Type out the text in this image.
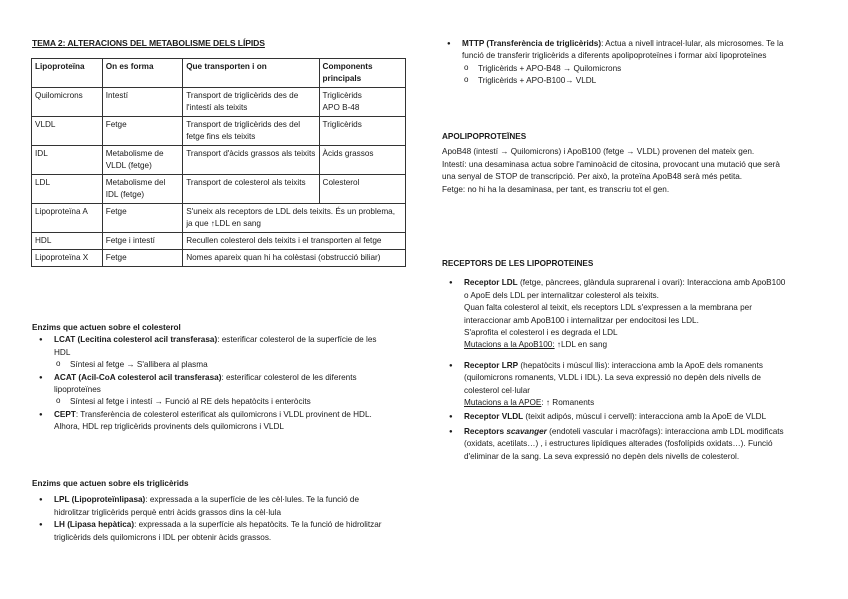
TEMA 2: ALTERACIONS DEL METABOLISME DELS LÍPIDS
Lipoproteïna	On es forma	Que transporten i on	Components principals
Quilomicrons	Intestí	Transport de triglicèrids des de l'intestí als teixits	Triglicèrids
APO B-48
VLDL	Fetge	Transport de triglicèrids des del fetge fins els teixits	Triglicèrids
IDL	Metabolisme de VLDL (fetge)	Transport d'àcids grassos als teixits	Àcids grassos
LDL	Metabolisme del IDL (fetge)	Transport de colesterol als teixits	Colesterol
Lipoproteïna A	Fetge	S'uneix als receptors de LDL dels teixits. És un problema, ja que ↑LDL en sang	
HDL	Fetge i intestí	Recullen colesterol dels teixits i el transporten al fetge	
Lipoproteïna X	Fetge	Nomes apareix quan hi ha colèstasi (obstrucció biliar)	
Enzims que actuen sobre el colesterol
● LCAT (Lecitina colesterol acil transferasa): esterificar colesterol de la superfície de les HDL
o Síntesi al fetge → S'allibera al plasma
● ACAT (Acil-CoA colesterol acil transferasa): esterificar colesterol de les diferents lipoproteïnes
o Síntesi al fetge i intestí → Funció al RE dels hepatòcits i enteròcits
● CEPT: Transferència de colesterol esterificat als quilomicrons i VLDL provinent de HDL. Alhora, HDL rep triglicèrids provinents dels quilomicrons i VLDL
Enzims que actuen sobre els triglicèrids
● LPL (Lipoproteïnlipasa): expressada a la superfície de les cèl·lules. Te la funció de hidrolitzar triglicèrids perquè entri àcids grassos dins la cèl·lula
● LH (Lipasa hepàtica): expressada a la superfície als hepatòcits. Te la funció de hidrolitzar triglicèrids dels quilomicrons i IDL per obtenir àcids grassos.
● MTTP (Transferència de triglicèrids): Actua a nivell intracel·lular, als microsomes. Te la funció de transferir triglicèrids a diferents apolipoproteïnes i formar així lipoproteïnes
o Triglicèrids + APO-B48 → Quilomicrons
o Triglicèrids + APO-B100→ VLDL
APOLIPOPROTEÏNES
ApoB48 (intestí → Quilomicrons) i ApoB100 (fetge → VLDL) provenen del mateix gen.
Intestí: una desaminasa actua sobre l'aminoàcid de citosina, provocant una mutació que serà una senyal de STOP de transcripció. Per això, la proteïna ApoB48 serà més petita.
Fetge: no hi ha la desaminasa, per tant, es transcriu tot el gen.
RECEPTORS DE LES LIPOPROTEINES
● Receptor LDL (fetge, pàncrees, glàndula suprarenal i ovari): Interacciona amb ApoB100 o ApoE dels LDL per internalitzar colesterol als teixits.
Quan falta colesterol al teixit, els receptors LDL s'expressen a la membrana per interaccionar amb ApoB100 i internalitzar per endocitosi les LDL.
S'aprofita el colesterol i es degrada el LDL
Mutacions a la ApoB100: ↑LDL en sang
● Receptor LRP (hepatòcits i múscul llis): interacciona amb la ApoE dels romanents (quilomicrons romanents, VLDL i IDL). La seva expressió no depèn dels nivells de colesterol cel·lular
Mutacions a la APOE: ↑ Romanents
● Receptor VLDL (teixit adipós, múscul i cervell): interacciona amb la ApoE de VLDL
● Receptors scavanger (endoteli vascular i macròfags): interacciona amb LDL modificats (oxidats, acetilats…) , i estructures lipídiques alterades (fosfolípids oxidats…). Funció d'eliminar de la sang. La seva expressió no depèn dels nivells de colesterol.
